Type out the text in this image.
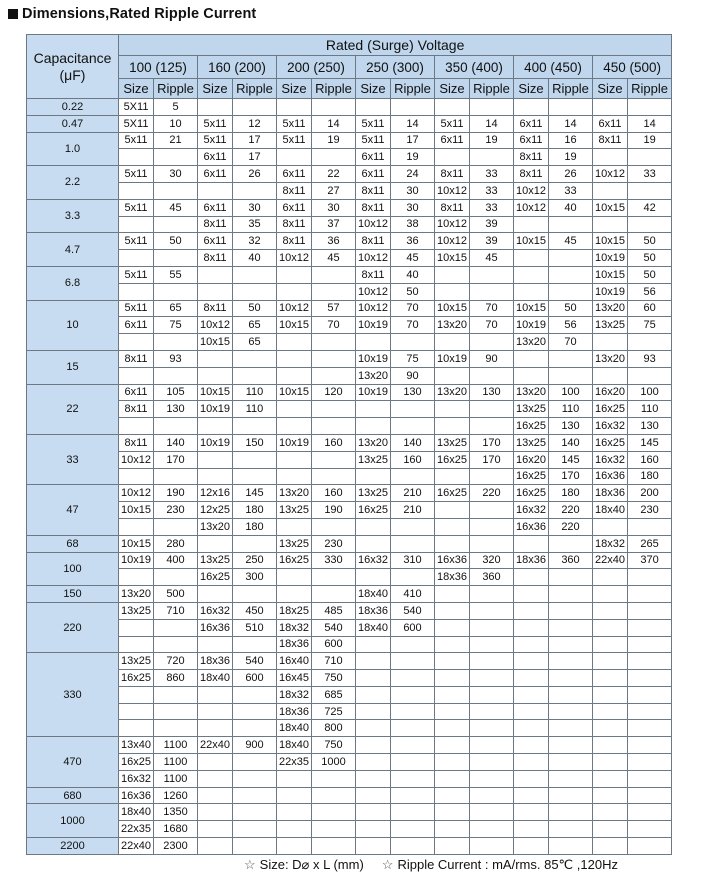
Dimensions,Rated Ripple Current
Capacitance (μF)	Rated (Surge) Voltage													
	100 (125)		160 (200)		200 (250)		250 (300)		350 (400)		400 (450)		450 (500)	
	Size	Ripple	Size	Ripple	Size	Ripple	Size	Ripple	Size	Ripple	Size	Ripple	Size	Ripple
0.22	5X11	5												
0.47	5X11	10	5x11	12	5x11	14	5x11	14	5x11	14	6x11	14	6x11	14
1.0	5x11	21	5x11	17	5x11	19	5x11	17	6x11	19	6x11	16	8x11	19
			6x11	17			6x11	19			8x11	19		
2.2	5x11	30	6x11	26	6x11	22	6x11	24	8x11	33	8x11	26	10x12	33
					8x11	27	8x11	30	10x12	33	10x12	33		
3.3	5x11	45	6x11	30	6x11	30	8x11	30	8x11	33	10x12	40	10x15	42
			8x11	35	8x11	37	10x12	38	10x12	39				
4.7	5x11	50	6x11	32	8x11	36	8x11	36	10x12	39	10x15	45	10x15	50
			8x11	40	10x12	45	10x12	45	10x15	45			10x19	50
6.8	5x11	55					8x11	40					10x15	50
							10x12	50					10x19	56
10	5x11	65	8x11	50	10x12	57	10x12	70	10x15	70	10x15	50	13x20	60
	6x11	75	10x12	65	10x15	70	10x19	70	13x20	70	10x19	56	13x25	75
			10x15	65							13x20	70		
15	8x11	93					10x19	75	10x19	90			13x20	93
							13x20	90						
22	6x11	105	10x15	110	10x15	120	10x19	130	13x20	130	13x20	100	16x20	100
	8x11	130	10x19	110							13x25	110	16x25	110
											16x25	130	16x32	130
33	8x11	140	10x19	150	10x19	160	13x20	140	13x25	170	13x25	140	16x25	145
	10x12	170					13x25	160	16x25	170	16x20	145	16x32	160
											16x25	170	16x36	180
47	10x12	190	12x16	145	13x20	160	13x25	210	16x25	220	16x25	180	18x36	200
	10x15	230	12x25	180	13x25	190	16x25	210			16x32	220	18x40	230
			13x20	180							16x36	220		
68	10x15	280			13x25	230							18x32	265
100	10x19	400	13x25	250	16x25	330	16x32	310	16x36	320	18x36	360	22x40	370
			16x25	300					18x36	360				
150	13x20	500					18x40	410						
220	13x25	710	16x32	450	18x25	485	18x36	540						
			16x36	510	18x32	540	18x40	600						
					18x36	600								
330	13x25	720	18x36	540	16x40	710								
	16x25	860	18x40	600	16x45	750								
					18x32	685								
					18x36	725								
					18x40	800								
470	13x40	1100	22x40	900	18x40	750								
	16x25	1100			22x35	1000								
	16x32	1100												
680	16x36	1260												
1000	18x40	1350												
	22x35	1680												
2200	22x40	2300												
☆ Size: D⌀ x L (mm) ☆ Ripple Current : mA/rms. 85℃ ,120Hz
